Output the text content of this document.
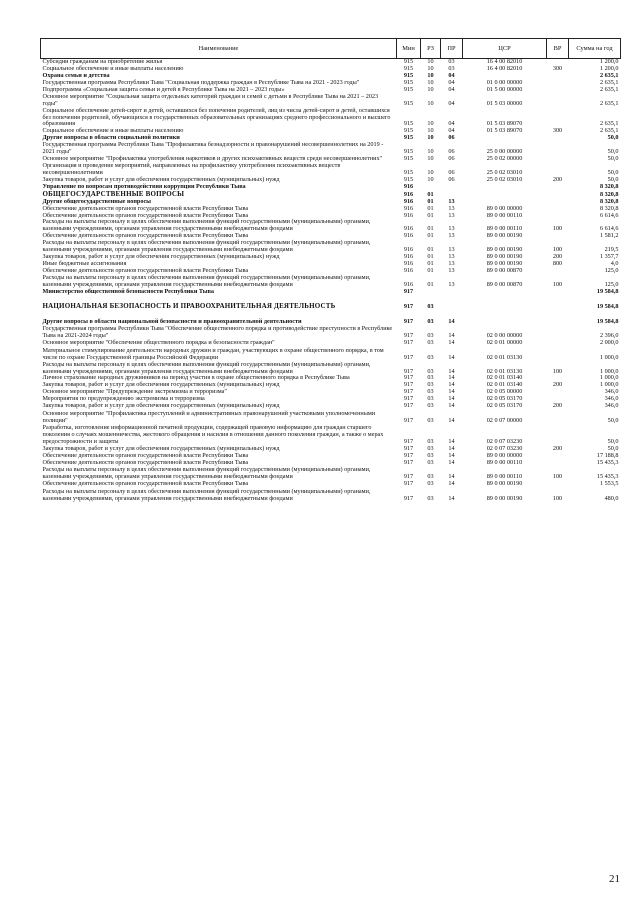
Наименование	Мин	РЗ	ПР	ЦСР	ВР	Сумма на год
Субсидии гражданам на приобретение жилья	915	10	03	16 4 00 82010		1 200,0
Социальное обеспечение и иные выплаты населению	915	10	03	16 4 00 82010	300	1 200,0
Охрана семьи и детства	915	10	04			2 635,1
Государственная программа Республики Тыва "Социальная поддержка граждан в Республике Тыва на 2021 - 2023 годы"	915	10	04	01 0 00 00000		2 635,1
Подпрограмма «Социальная защита семьи и детей в Республике Тыва на 2021 – 2023 годы»	915	10	04	01 5 00 00000		2 635,1
Основное мероприятие "Социальная защита отдельных категорий граждан и семей с детьми в Республике Тыва на 2021 – 2023 годы"	915	10	04	01 5 03 00000		2 635,1
Социальное обеспечение детей-сирот и детей, оставшихся без попечения родителей, лиц из числа детей-сирот и детей, оставшихся без попечения родителей, обучающихся в государственных образовательных организациях среднего профессионального и высшего образования	915	10	04	01 5 03 89070		2 635,1
Социальное обеспечение и иные выплаты населению	915	10	04	01 5 03 89070	300	2 635,1
Другие вопросы в области социальной политики	915	10	06			50,0
Государственная программа Республики Тыва "Профилактика безнадзорности и правонарушений несовершеннолетних на 2019 - 2021 годы"	915	10	06	25 0 00 00000		50,0
Основное мероприятие "Профилактика употребления наркотиков и других психоактивных веществ среди несовершеннолетних"	915	10	06	25 0 02 00000		50,0
Организация и проведение мероприятий, направленных на профилактику употребления психоактивных веществ несовершеннолетними	915	10	06	25 0 02 03010		50,0
Закупка товаров, работ и услуг для обеспечения государственных (муниципальных) нужд	915	10	06	25 0 02 03010	200	50,0
Управление по вопросам противодействия коррупции Республики Тыва	916					8 320,8
ОБЩЕГОСУДАРСТВЕННЫЕ ВОПРОСЫ	916	01				8 320,8
Другие общегосударственные вопросы	916	01	13			8 320,8
Обеспечение деятельности органов государственной власти Республики Тыва	916	01	13	89 0 00 00000		8 320,8
Обеспечение деятельности органов государственной власти Республики Тыва	916	01	13	89 0 00 00110		6 614,6
Расходы на выплаты персоналу в целях обеспечения выполнения функций государственными (муниципальными) органами, казенными учреждениями, органами управления государственными внебюджетными фондами	916	01	13	89 0 00 00110	100	6 614,6
Обеспечение деятельности органов государственной власти Республики Тыва	916	01	13	89 0 00 00190		1 581,2
Расходы на выплаты персоналу в целях обеспечения выполнения функций государственными (муниципальными) органами, казенными учреждениями, органами управления государственными внебюджетными фондами	916	01	13	89 0 00 00190	100	219,5
Закупка товаров, работ и услуг для обеспечения государственных (муниципальных) нужд	916	01	13	89 0 00 00190	200	1 357,7
Иные бюджетные ассигнования	916	01	13	89 0 00 00190	800	4,0
Обеспечение деятельности органов государственной власти Республики Тыва	916	01	13	89 0 00 00870		125,0
Расходы на выплаты персоналу в целях обеспечения выполнения функций государственными (муниципальными) органами, казенными учреждениями, органами управления государственными внебюджетными фондами	916	01	13	89 0 00 00870	100	125,0
Министерство общественной безопасности Республики Тыва	917					19 584,8
НАЦИОНАЛЬНАЯ БЕЗОПАСНОСТЬ И ПРАВООХРАНИТЕЛЬНАЯ ДЕЯТЕЛЬНОСТЬ	917	03				19 584,8
Другие вопросы в области национальной безопасности и правоохранительной деятельности	917	03	14			19 584,8
Государственная программа Республики Тыва "Обеспечение общественного порядка и противодействие преступности в Республике Тыва на 2021-2024 годы"	917	03	14	02 0 00 00000		2 396,0
Основное мероприятие "Обеспечение общественного порядка и безопасности граждан"	917	03	14	02 0 01 00000		2 000,0
Материальное стимулирование деятельности народных дружин и граждан, участвующих в охране общественного порядка, в том числе по охране Государственной границы Российской Федерации	917	03	14	02 0 01 03130		1 000,0
Расходы на выплаты персоналу в целях обеспечения выполнения функций государственными (муниципальными) органами, казенными учреждениями, органами управления государственными внебюджетными фондами	917	03	14	02 0 01 03130	100	1 000,0
Личное страхование народных дружинников на период участия в охране общественного порядка в Республике Тыва	917	03	14	02 0 01 03140		1 000,0
Закупка товаров, работ и услуг для обеспечения государственных (муниципальных) нужд	917	03	14	02 0 01 03140	200	1 000,0
Основное мероприятие "Предупреждение экстремизма и терроризма"	917	03	14	02 0 05 00000		346,0
Мероприятия по предупреждению экстремизма и терроризма	917	03	14	02 0 05 03170		346,0
Закупка товаров, работ и услуг для обеспечения государственных (муниципальных) нужд	917	03	14	02 0 05 03170	200	346,0
Основное мероприятие "Профилактика преступлений и административных правонарушений участковыми уполномоченными полиции"	917	03	14	02 0 07 00000		50,0
Разработка, изготовление информационной печатной продукции, содержащей правовую информацию для граждан старшего поколения о случаях мошенничества, жестокого обращения и насилия в отношении данного поколения граждан, а также о мерах предосторожности и защиты	917	03	14	02 0 07 03230		50,0
Закупка товаров, работ и услуг для обеспечения государственных (муниципальных) нужд	917	03	14	02 0 07 03230	200	50,0
Обеспечение деятельности органов государственной власти Республики Тыва	917	03	14	89 0 00 00000		17 188,8
Обеспечение деятельности органов государственной власти Республики Тыва	917	03	14	89 0 00 00110		15 435,3
Расходы на выплаты персоналу в целях обеспечения выполнения функций государственными (муниципальными) органами, казенными учреждениями, органами управления государственными внебюджетными фондами	917	03	14	89 0 00 00110	100	15 435,3
Обеспечение деятельности органов государственной власти Республики Тыва	917	03	14	89 0 00 00190		1 553,5
Расходы на выплаты персоналу в целях обеспечения выполнения функций государственными (муниципальными) органами, казенными учреждениями, органами управления государственными внебюджетными фондами	917	03	14	89 0 00 00190	100	480,0
21
